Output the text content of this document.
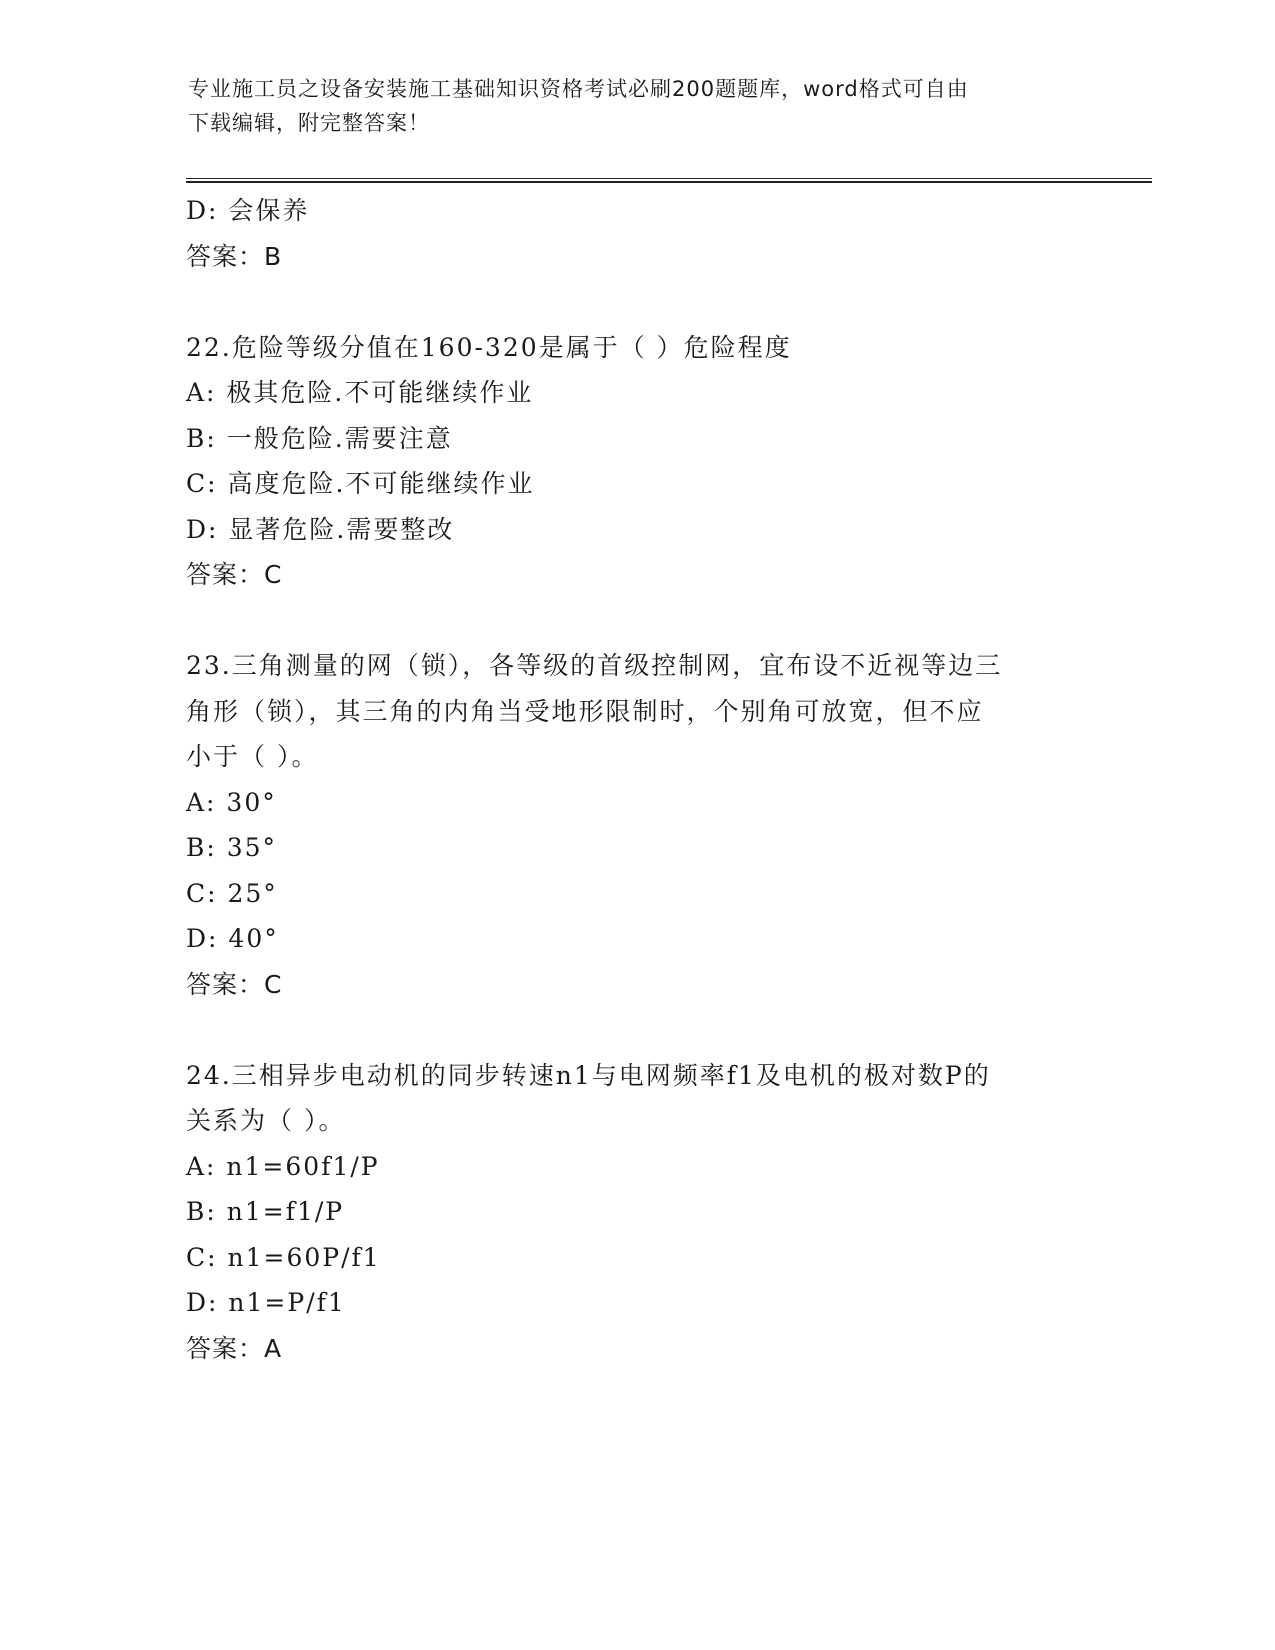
专业施工员之设备安装施工基础知识资格考试必刷200题题库，word格式可自由
下载编辑，附完整答案！
D: 会保养
答案：B
22.危险等级分值在160-320是属于（ ）危险程度
A: 极其危险.不可能继续作业
B: 一般危险.需要注意
C: 高度危险.不可能继续作业
D: 显著危险.需要整改
答案：C
23.三角测量的网（锁），各等级的首级控制网，宜布设不近视等边三
角形（锁），其三角的内角当受地形限制时，个别角可放宽，但不应
小于（ ）。
A: 30°
B: 35°
C: 25°
D: 40°
答案：C
24.三相异步电动机的同步转速n1与电网频率f1及电机的极对数P的
关系为（ ）。
A: n1=60f1/P
B: n1=f1/P
C: n1=60P/f1
D: n1=P/f1
答案：A
